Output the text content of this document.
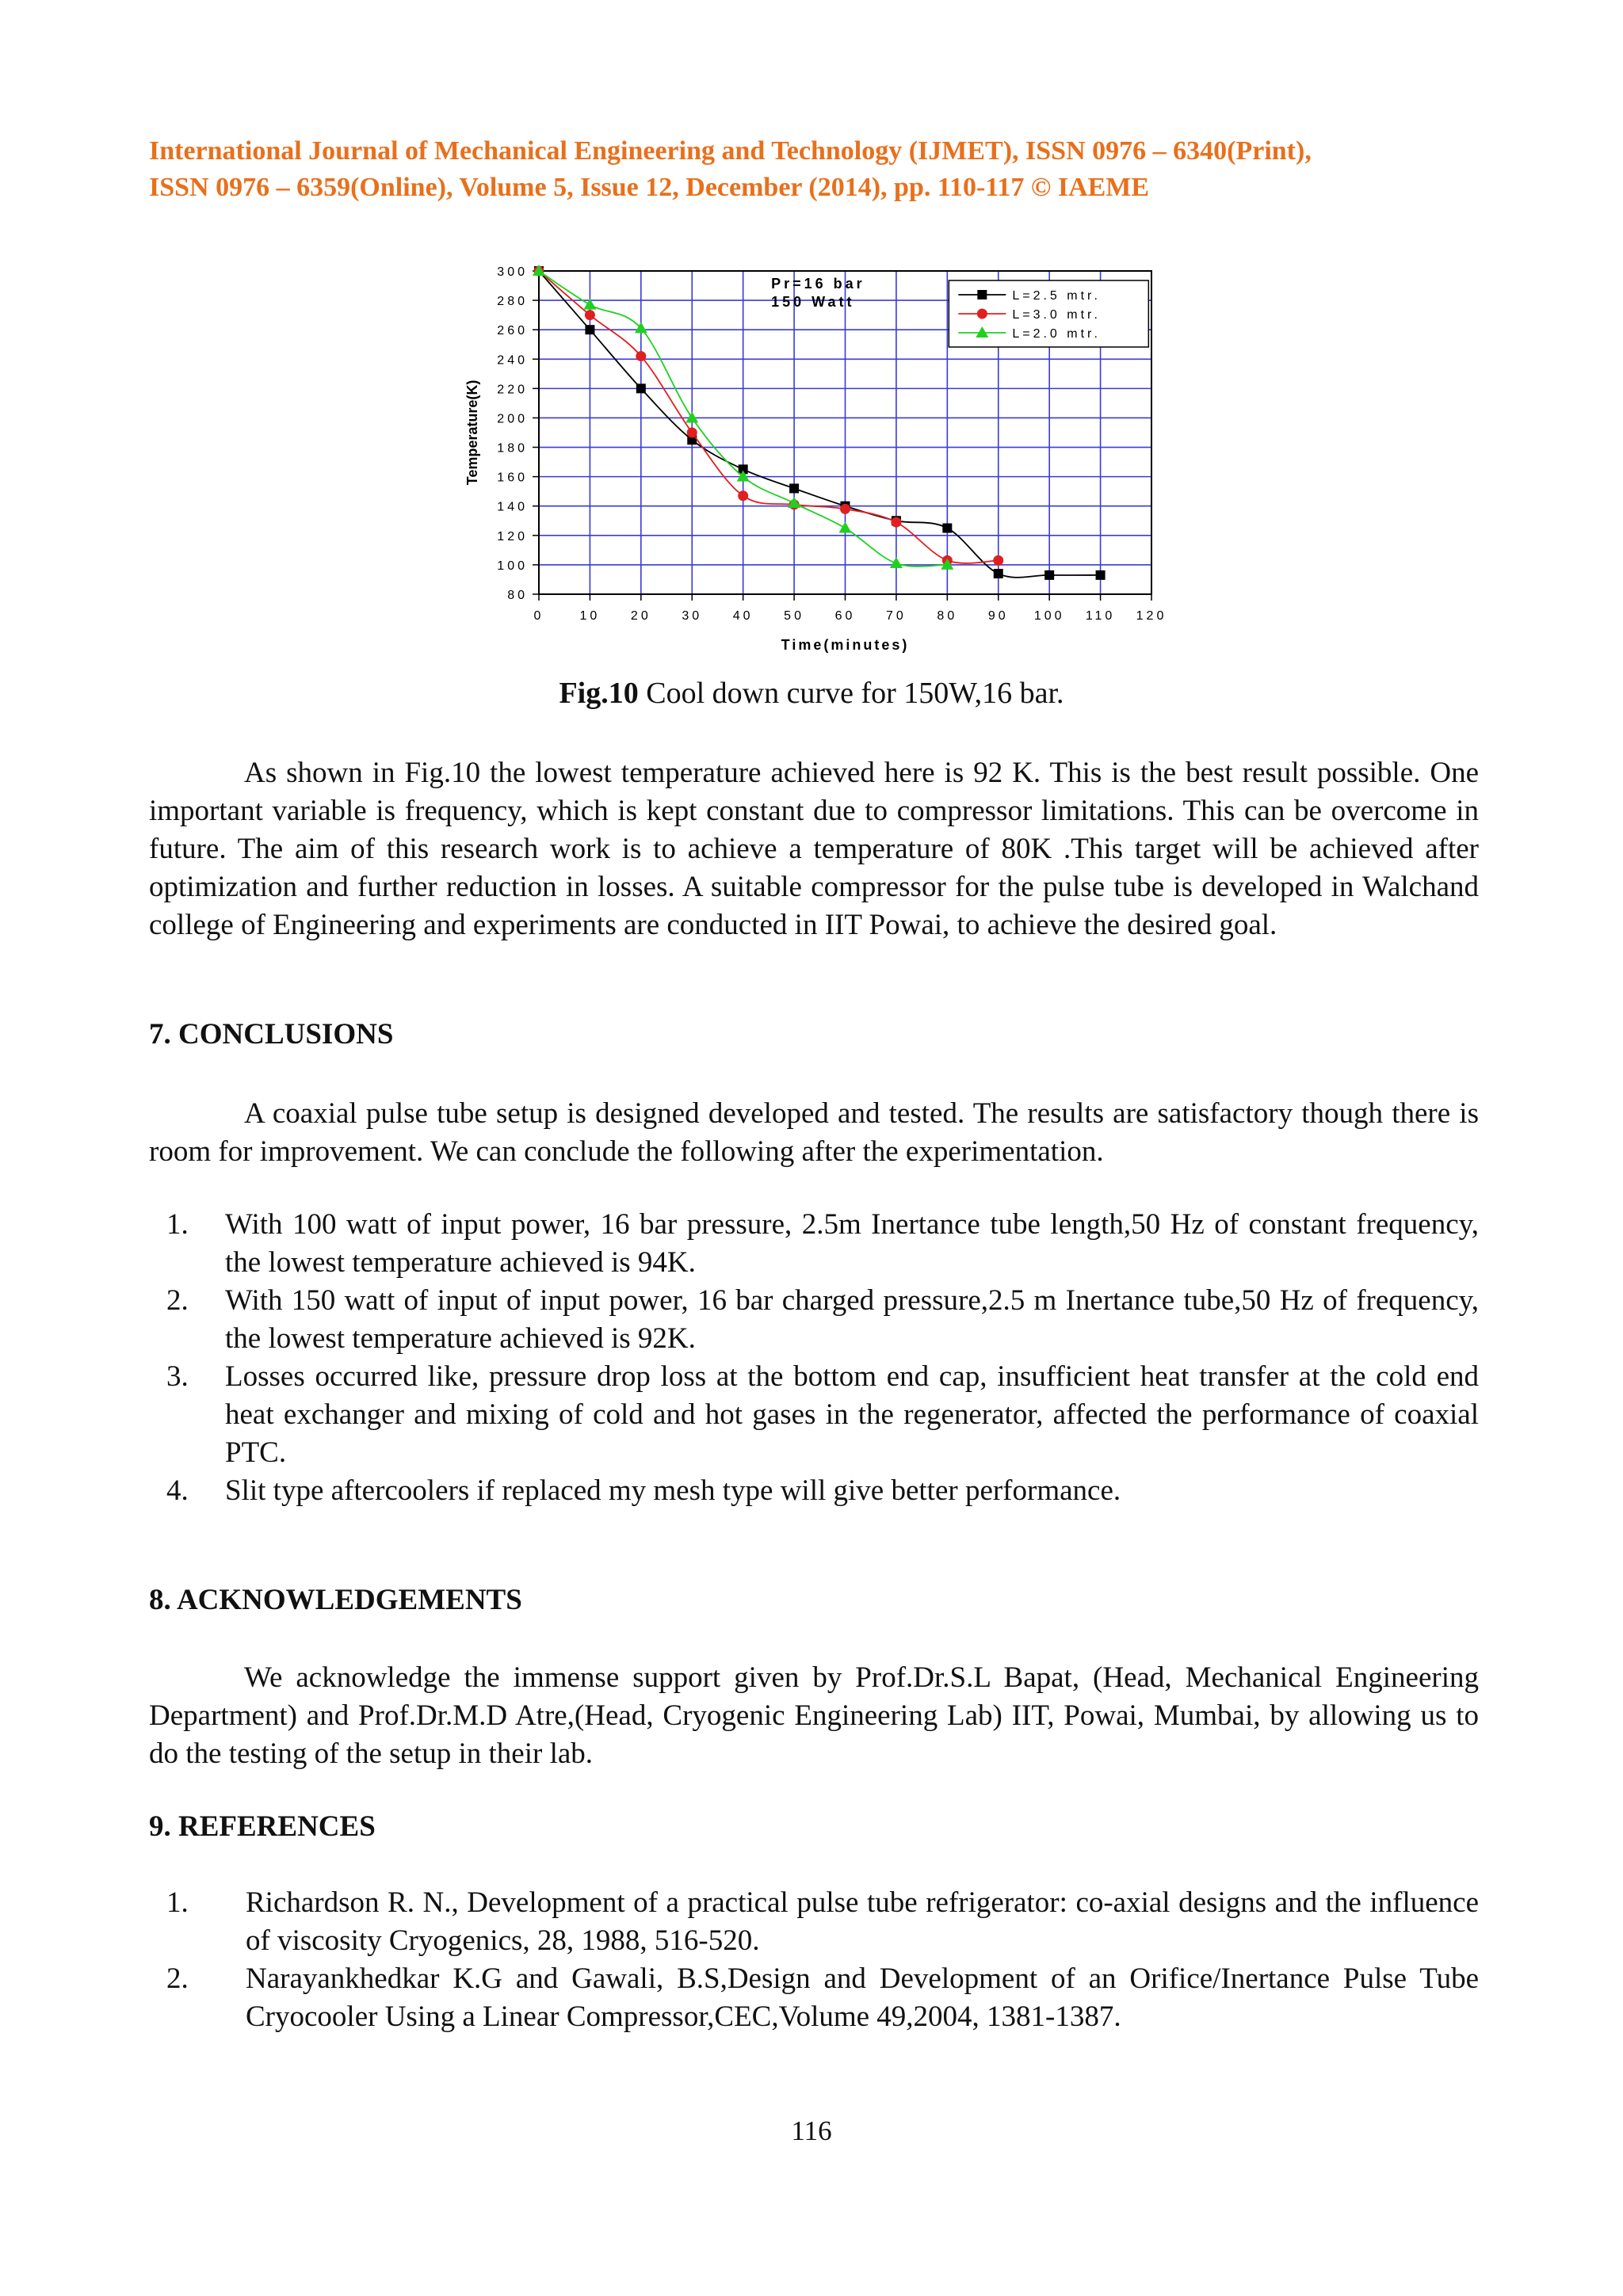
International Journal of Mechanical Engineering and Technology (IJMET), ISSN 0976 – 6340(Print),
ISSN 0976 – 6359(Online), Volume 5, Issue 12, December (2014), pp. 110-117 © IAEME
0	10 20 30 40 50 60 70 80 90 100 110 120
80
100
120
140
160
180
200
220
240
260
280
300
Time(minutes)
Temperature(K)
Pr=16 bar
150 Watt	L=2.5 mtr.
L=3.0 mtr.
L=2.0 mtr.
Fig.10 Cool down curve for 150W,16 bar.
As shown in Fig.10 the lowest temperature achieved here is 92 K. This is the best result possible. One important variable is frequency, which is kept constant due to compressor limitations. This can be overcome in future. The aim of this research work is to achieve a temperature of 80K .This target will be achieved after optimization and further reduction in losses. A suitable compressor for the pulse tube is developed in Walchand college of Engineering and experiments are conducted in IIT Powai, to achieve the desired goal.
7. CONCLUSIONS
A coaxial pulse tube setup is designed developed and tested. The results are satisfactory though there is room for improvement. We can conclude the following after the experimentation.
1. With 100 watt of input power, 16 bar pressure, 2.5m Inertance tube length,50 Hz of constant frequency, the lowest temperature achieved is 94K.
2. With 150 watt of input of input power, 16 bar charged pressure,2.5 m Inertance tube,50 Hz of frequency, the lowest temperature achieved is 92K.
3. Losses occurred like, pressure drop loss at the bottom end cap, insufficient heat transfer at the cold end heat exchanger and mixing of cold and hot gases in the regenerator, affected the performance of coaxial PTC.
4. Slit type aftercoolers if replaced my mesh type will give better performance.
8. ACKNOWLEDGEMENTS
We acknowledge the immense support given by Prof.Dr.S.L Bapat, (Head, Mechanical Engineering Department) and Prof.Dr.M.D Atre,(Head, Cryogenic Engineering Lab) IIT, Powai, Mumbai, by allowing us to do the testing of the setup in their lab.
9. REFERENCES
1. Richardson R. N., Development of a practical pulse tube refrigerator: co-axial designs and the influence of viscosity Cryogenics, 28, 1988, 516-520.
2. Narayankhedkar K.G and Gawali, B.S,Design and Development of an Orifice/Inertance Pulse Tube Cryocooler Using a Linear Compressor,CEC,Volume 49,2004, 1381-1387.
116
